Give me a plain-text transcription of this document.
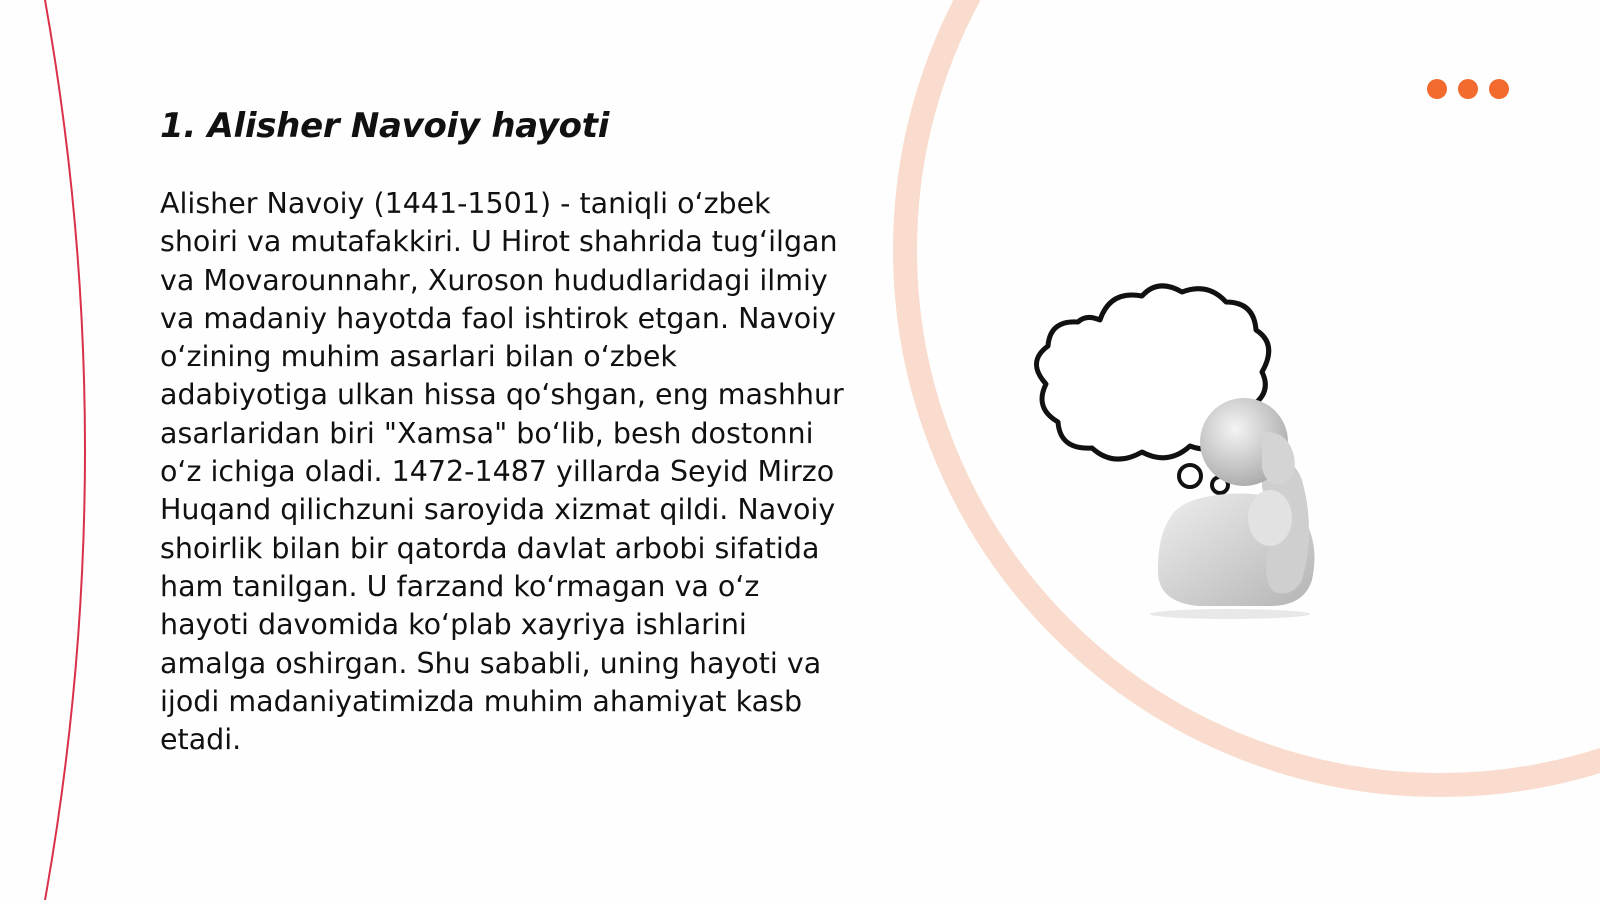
1. Alisher Navoiy hayoti

Alisher Navoiy (1441-1501) - taniqli o‘zbek shoiri va mutafakkiri. U Hirot shahrida tug‘ilgan va Movarounnahr, Xuroson hududlaridagi ilmiy va madaniy hayotda faol ishtirok etgan. Navoiy o‘zining muhim asarlari bilan o‘zbek adabiyotiga ulkan hissa qo‘shgan, eng mashhur asarlaridan biri "Xamsa" bo‘lib, besh dostonni o‘z ichiga oladi. 1472-1487 yillarda Seyid Mirzo Huqand qilichzuni saroyida xizmat qildi. Navoiy shoirlik bilan bir qatorda davlat arbobi sifatida ham tanilgan. U farzand ko‘rmagan va o‘z hayoti davomida ko‘plab xayriya ishlarini amalga oshirgan. Shu sababli, uning hayoti va ijodi madaniyatimizda muhim ahamiyat kasb etadi.
